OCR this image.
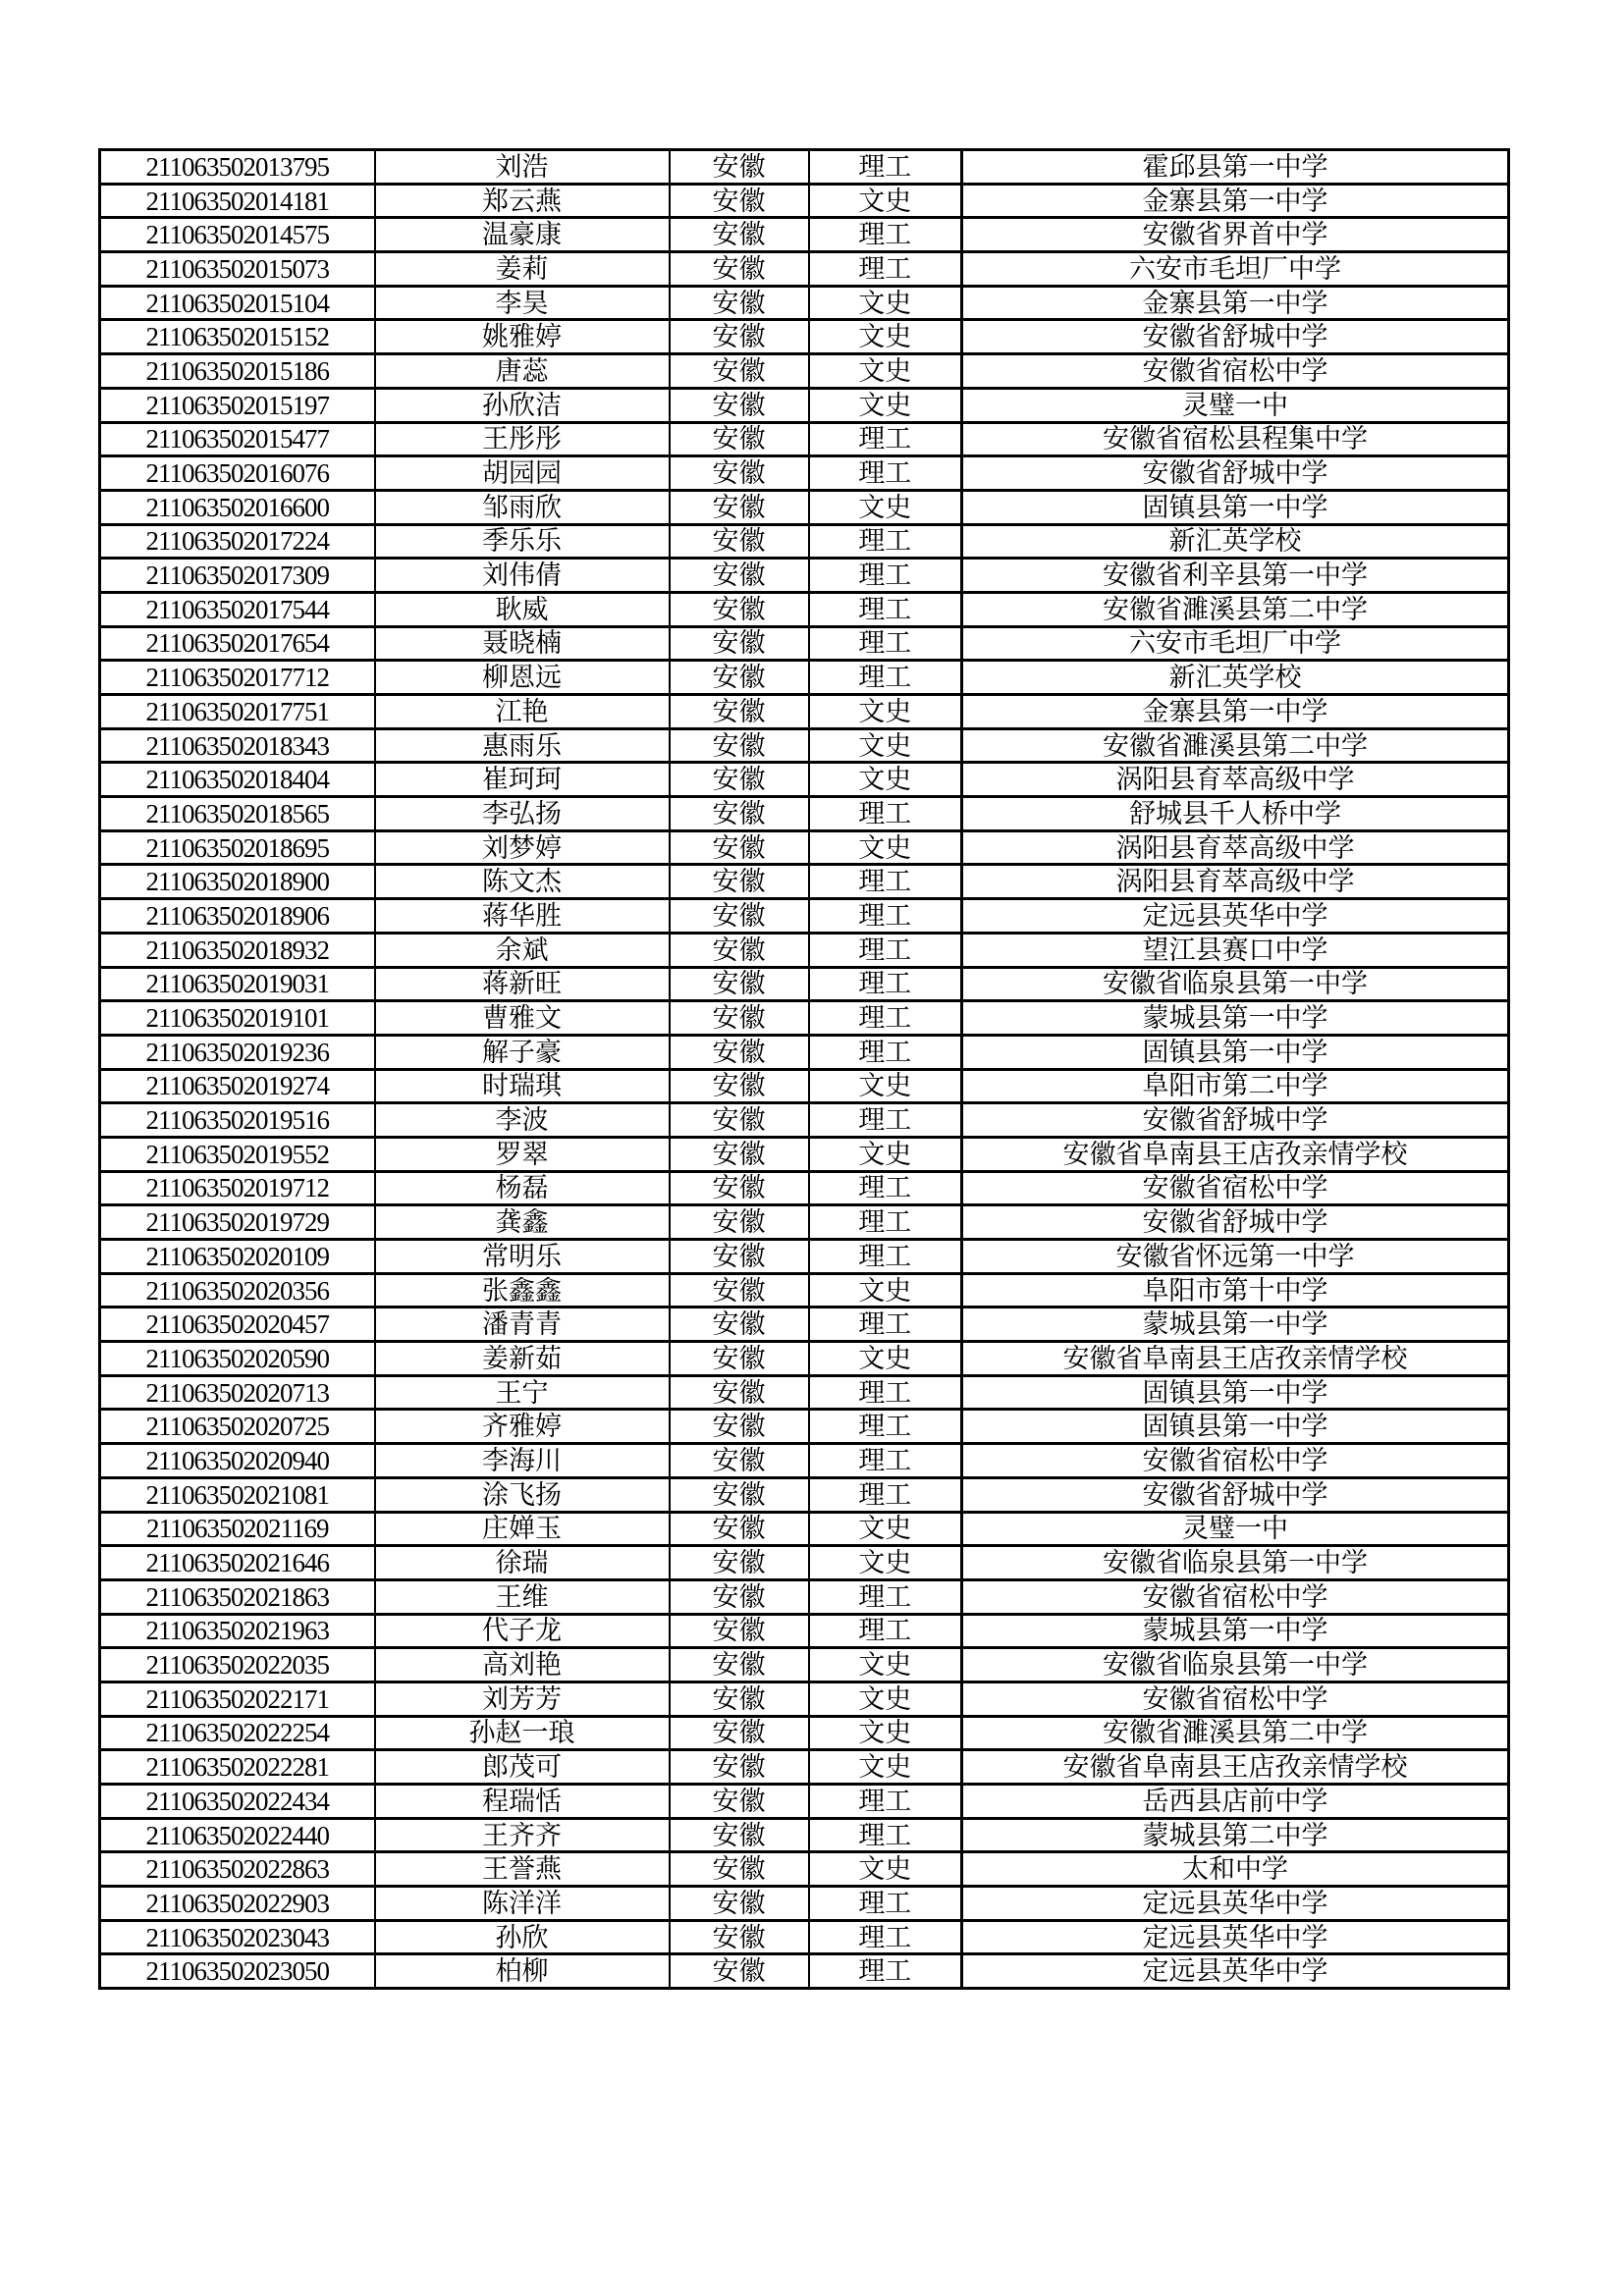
211063502013795	刘浩	安徽	理工	霍邱县第一中学
211063502014181	郑云燕	安徽	文史	金寨县第一中学
211063502014575	温豪康	安徽	理工	安徽省界首中学
211063502015073	姜莉	安徽	理工	六安市毛坦厂中学
211063502015104	李昊	安徽	文史	金寨县第一中学
211063502015152	姚雅婷	安徽	文史	安徽省舒城中学
211063502015186	唐蕊	安徽	文史	安徽省宿松中学
211063502015197	孙欣洁	安徽	文史	灵璧一中
211063502015477	王彤彤	安徽	理工	安徽省宿松县程集中学
211063502016076	胡园园	安徽	理工	安徽省舒城中学
211063502016600	邹雨欣	安徽	文史	固镇县第一中学
211063502017224	季乐乐	安徽	理工	新汇英学校
211063502017309	刘伟倩	安徽	理工	安徽省利辛县第一中学
211063502017544	耿威	安徽	理工	安徽省濉溪县第二中学
211063502017654	聂晓楠	安徽	理工	六安市毛坦厂中学
211063502017712	柳恩远	安徽	理工	新汇英学校
211063502017751	江艳	安徽	文史	金寨县第一中学
211063502018343	惠雨乐	安徽	文史	安徽省濉溪县第二中学
211063502018404	崔珂珂	安徽	文史	涡阳县育萃高级中学
211063502018565	李弘扬	安徽	理工	舒城县千人桥中学
211063502018695	刘梦婷	安徽	文史	涡阳县育萃高级中学
211063502018900	陈文杰	安徽	理工	涡阳县育萃高级中学
211063502018906	蒋华胜	安徽	理工	定远县英华中学
211063502018932	余斌	安徽	理工	望江县赛口中学
211063502019031	蒋新旺	安徽	理工	安徽省临泉县第一中学
211063502019101	曹雅文	安徽	理工	蒙城县第一中学
211063502019236	解子豪	安徽	理工	固镇县第一中学
211063502019274	时瑞琪	安徽	文史	阜阳市第二中学
211063502019516	李波	安徽	理工	安徽省舒城中学
211063502019552	罗翠	安徽	文史	安徽省阜南县王店孜亲情学校
211063502019712	杨磊	安徽	理工	安徽省宿松中学
211063502019729	龚鑫	安徽	理工	安徽省舒城中学
211063502020109	常明乐	安徽	理工	安徽省怀远第一中学
211063502020356	张鑫鑫	安徽	文史	阜阳市第十中学
211063502020457	潘青青	安徽	理工	蒙城县第一中学
211063502020590	姜新茹	安徽	文史	安徽省阜南县王店孜亲情学校
211063502020713	王宁	安徽	理工	固镇县第一中学
211063502020725	齐雅婷	安徽	理工	固镇县第一中学
211063502020940	李海川	安徽	理工	安徽省宿松中学
211063502021081	涂飞扬	安徽	理工	安徽省舒城中学
211063502021169	庄婵玉	安徽	文史	灵璧一中
211063502021646	徐瑞	安徽	文史	安徽省临泉县第一中学
211063502021863	王维	安徽	理工	安徽省宿松中学
211063502021963	代子龙	安徽	理工	蒙城县第一中学
211063502022035	高刘艳	安徽	文史	安徽省临泉县第一中学
211063502022171	刘芳芳	安徽	文史	安徽省宿松中学
211063502022254	孙赵一琅	安徽	文史	安徽省濉溪县第二中学
211063502022281	郎茂可	安徽	文史	安徽省阜南县王店孜亲情学校
211063502022434	程瑞恬	安徽	理工	岳西县店前中学
211063502022440	王齐齐	安徽	理工	蒙城县第二中学
211063502022863	王誉燕	安徽	文史	太和中学
211063502022903	陈洋洋	安徽	理工	定远县英华中学
211063502023043	孙欣	安徽	理工	定远县英华中学
211063502023050	柏柳	安徽	理工	定远县英华中学
